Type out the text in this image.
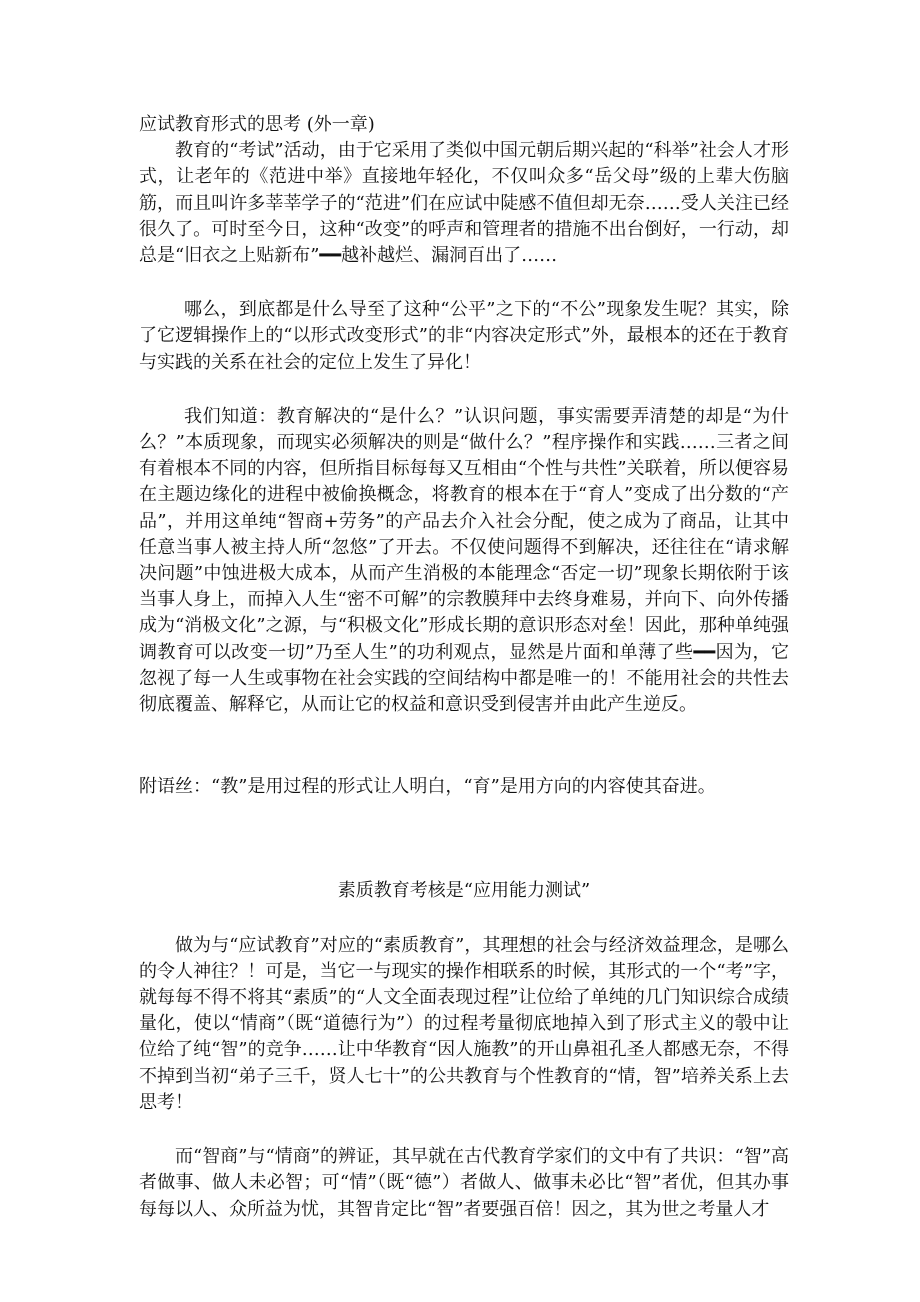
应试教育形式的思考 (外一章)

教育的“考试”活动，由于它采用了类似中国元朝后期兴起的“科举”社会人才形式，让老年的《范进中举》直接地年轻化，不仅叫众多“岳父母”级的上辈大伤脑筋，而且叫许多莘莘学子的“范进”们在应试中陡感不值但却无奈……受人关注已经很久了。可时至今日，这种“改变”的呼声和管理者的措施不出台倒好，一行动，却总是“旧衣之上贴新布”━━越补越烂、漏洞百出了……

哪么，到底都是什么导至了这种“公平”之下的“不公”现象发生呢？其实，除了它逻辑操作上的“以形式改变形式”的非“内容决定形式”外，最根本的还在于教育与实践的关系在社会的定位上发生了异化！

我们知道：教育解决的“是什么？”认识问题，事实需要弄清楚的却是“为什么？”本质现象，而现实必须解决的则是“做什么？”程序操作和实践……三者之间有着根本不同的内容，但所指目标每每又互相由“个性与共性”关联着，所以便容易在主题边缘化的进程中被偷换概念，将教育的根本在于“育人”变成了出分数的“产品”，并用这单纯“智商+劳务”的产品去介入社会分配，使之成为了商品，让其中任意当事人被主持人所“忽悠”了开去。不仅使问题得不到解决，还往往在“请求解决问题”中蚀进极大成本，从而产生消极的本能理念“否定一切”现象长期依附于该当事人身上，而掉入人生“密不可解”的宗教膜拜中去终身难易，并向下、向外传播成为“消极文化”之源，与“积极文化”形成长期的意识形态对垒！因此，那种单纯强调教育可以改变一切”乃至人生”的功利观点，显然是片面和单薄了些━━因为，它忽视了每一人生或事物在社会实践的空间结构中都是唯一的！不能用社会的共性去彻底覆盖、解释它，从而让它的权益和意识受到侵害并由此产生逆反。

附语丝：“教”是用过程的形式让人明白，“育”是用方向的内容使其奋进。

素质教育考核是“应用能力测试”

做为与“应试教育”对应的“素质教育”，其理想的社会与经济效益理念，是哪么的令人神往？！可是，当它一与现实的操作相联系的时候，其形式的一个“考”字，就每每不得不将其“素质”的“人文全面表现过程”让位给了单纯的几门知识综合成绩量化，使以“情商”（既“道德行为”）的过程考量彻底地掉入到了形式主义的彀中让位给了纯“智”的竞争……让中华教育“因人施教”的开山鼻祖孔圣人都感无奈，不得不掉到当初“弟子三千，贤人七十”的公共教育与个性教育的“情，智”培养关系上去思考！

而“智商”与“情商”的辨证，其早就在古代教育学家们的文中有了共识：“智”高者做事、做人未必智；可“情”（既“德”）者做人、做事未必比“智”者优，但其办事每每以人、众所益为忧，其智肯定比“智”者要强百倍！因之，其为世之考量人才
